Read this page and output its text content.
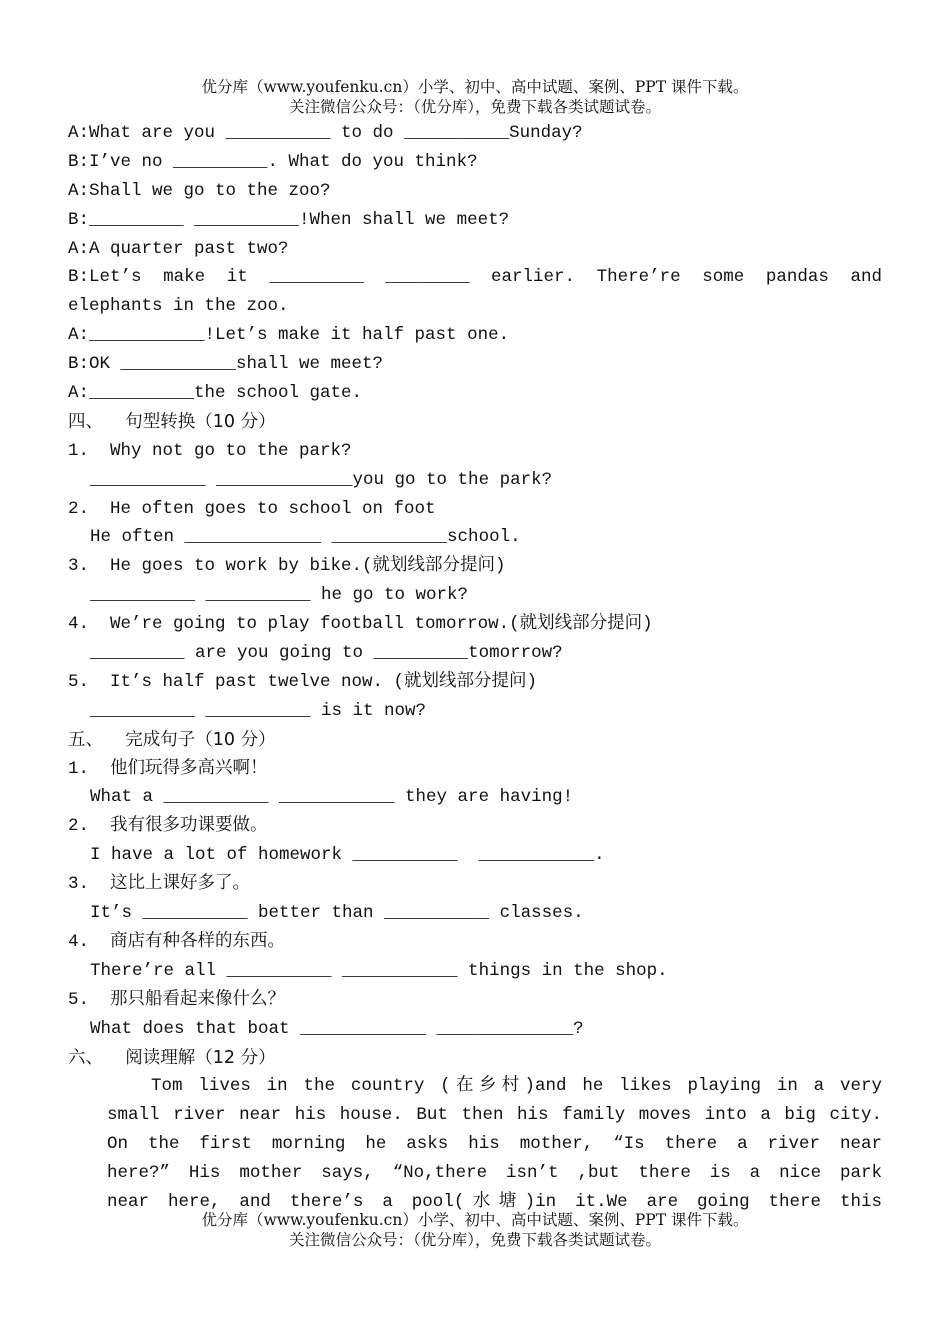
优分库（www.youfenku.cn）小学、初中、高中试题、案例、PPT 课件下载。
关注微信公众号：（优分库），免费下载各类试题试卷。
A:What are you __________ to do __________Sunday?
B:I’ve no _________. What do you think?
A:Shall we go to the zoo?
B:_________ __________!When shall we meet?
A:A quarter past two?
B:Let’s make it _________ ________ earlier. There’re some pandas and
elephants in the zoo.
A:___________!Let’s make it half past one.
B:OK ___________shall we meet?
A:__________the school gate.
四、    句型转换（10 分）
1.  Why not go to the park?
___________ _____________you go to the park?
2.  He often goes to school on foot
He often _____________ ___________school.
3.  He goes to work by bike.(就划线部分提问)
__________ __________ he go to work?
4.  We’re going to play football tomorrow.(就划线部分提问)
_________ are you going to _________tomorrow?
5.  It’s half past twelve now. (就划线部分提问)
__________ __________ is it now?
五、    完成句子（10 分）
1.  他们玩得多高兴啊！
What a __________ ___________ they are having!
2.  我有很多功课要做。
I have a lot of homework __________  ___________.
3.  这比上课好多了。
It’s __________ better than __________ classes.
4.  商店有种各样的东西。
There’re all __________ ___________ things in the shop.
5.  那只船看起来像什么？
What does that boat ____________ _____________?
六、    阅读理解（12 分）
Tom lives in the country (在乡村)and he likes playing in a very
small river near his house. But then his family moves into a big city.
On the first morning he asks his mother, “Is there a river near
here?” His mother says, “No,there isn’t ,but there is a nice park
near here, and there’s a pool(水塘)in it.We are going there this
优分库（www.youfenku.cn）小学、初中、高中试题、案例、PPT 课件下载。
关注微信公众号：（优分库），免费下载各类试题试卷。
